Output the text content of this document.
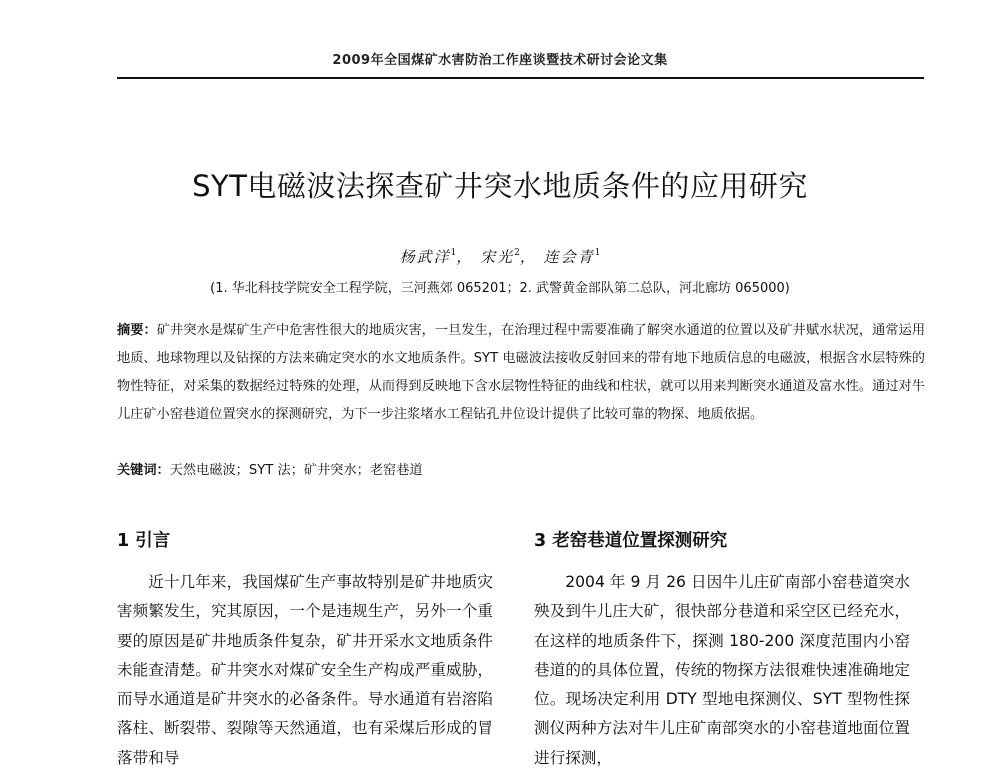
2009年全国煤矿水害防治工作座谈暨技术研讨会论文集
SYT电磁波法探查矿井突水地质条件的应用研究
杨武洋$^1$， 宋光$^2$， 连会青$^1$
(1. 华北科技学院安全工程学院，三河燕郊 065201；2. 武警黄金部队第二总队，河北廊坊 065000)
摘要：矿井突水是煤矿生产中危害性很大的地质灾害，一旦发生，在治理过程中需要准确了解突水通道的位置以及矿井赋水状况，通常运用地质、地球物理以及钻探的方法来确定突水的水文地质条件。SYT 电磁波法接收反射回来的带有地下地质信息的电磁波，根据含水层特殊的物性特征，对采集的数据经过特殊的处理，从而得到反映地下含水层物性特征的曲线和柱状，就可以用来判断突水通道及富水性。通过对牛儿庄矿小窑巷道位置突水的探测研究，为下一步注浆堵水工程钻孔井位设计提供了比较可靠的物探、地质依据。
关键词：天然电磁波；SYT 法；矿井突水；老窑巷道
1 引言

近十几年来，我国煤矿生产事故特别是矿井地质灾害频繁发生，究其原因，一个是违规生产，另外一个重要的原因是矿井地质条件复杂，矿井开采水文地质条件未能查清楚。矿井突水对煤矿安全生产构成严重威胁，而导水通道是矿井突水的必备条件。导水通道有岩溶陷落柱、断裂带、裂隙等天然通道，也有采煤后形成的冒落带和导

3 老窑巷道位置探测研究

2004 年 9 月 26 日因牛儿庄矿南部小窑巷道突水殃及到牛儿庄大矿，很快部分巷道和采空区已经充水，在这样的地质条件下，探测 180-200 深度范围内小窑巷道的的具体位置，传统的物探方法很难快速准确地定位。现场决定利用 DTY 型地电探测仪、SYT 型物性探测仪两种方法对牛儿庄矿南部突水的小窑巷道地面位置进行探测，
